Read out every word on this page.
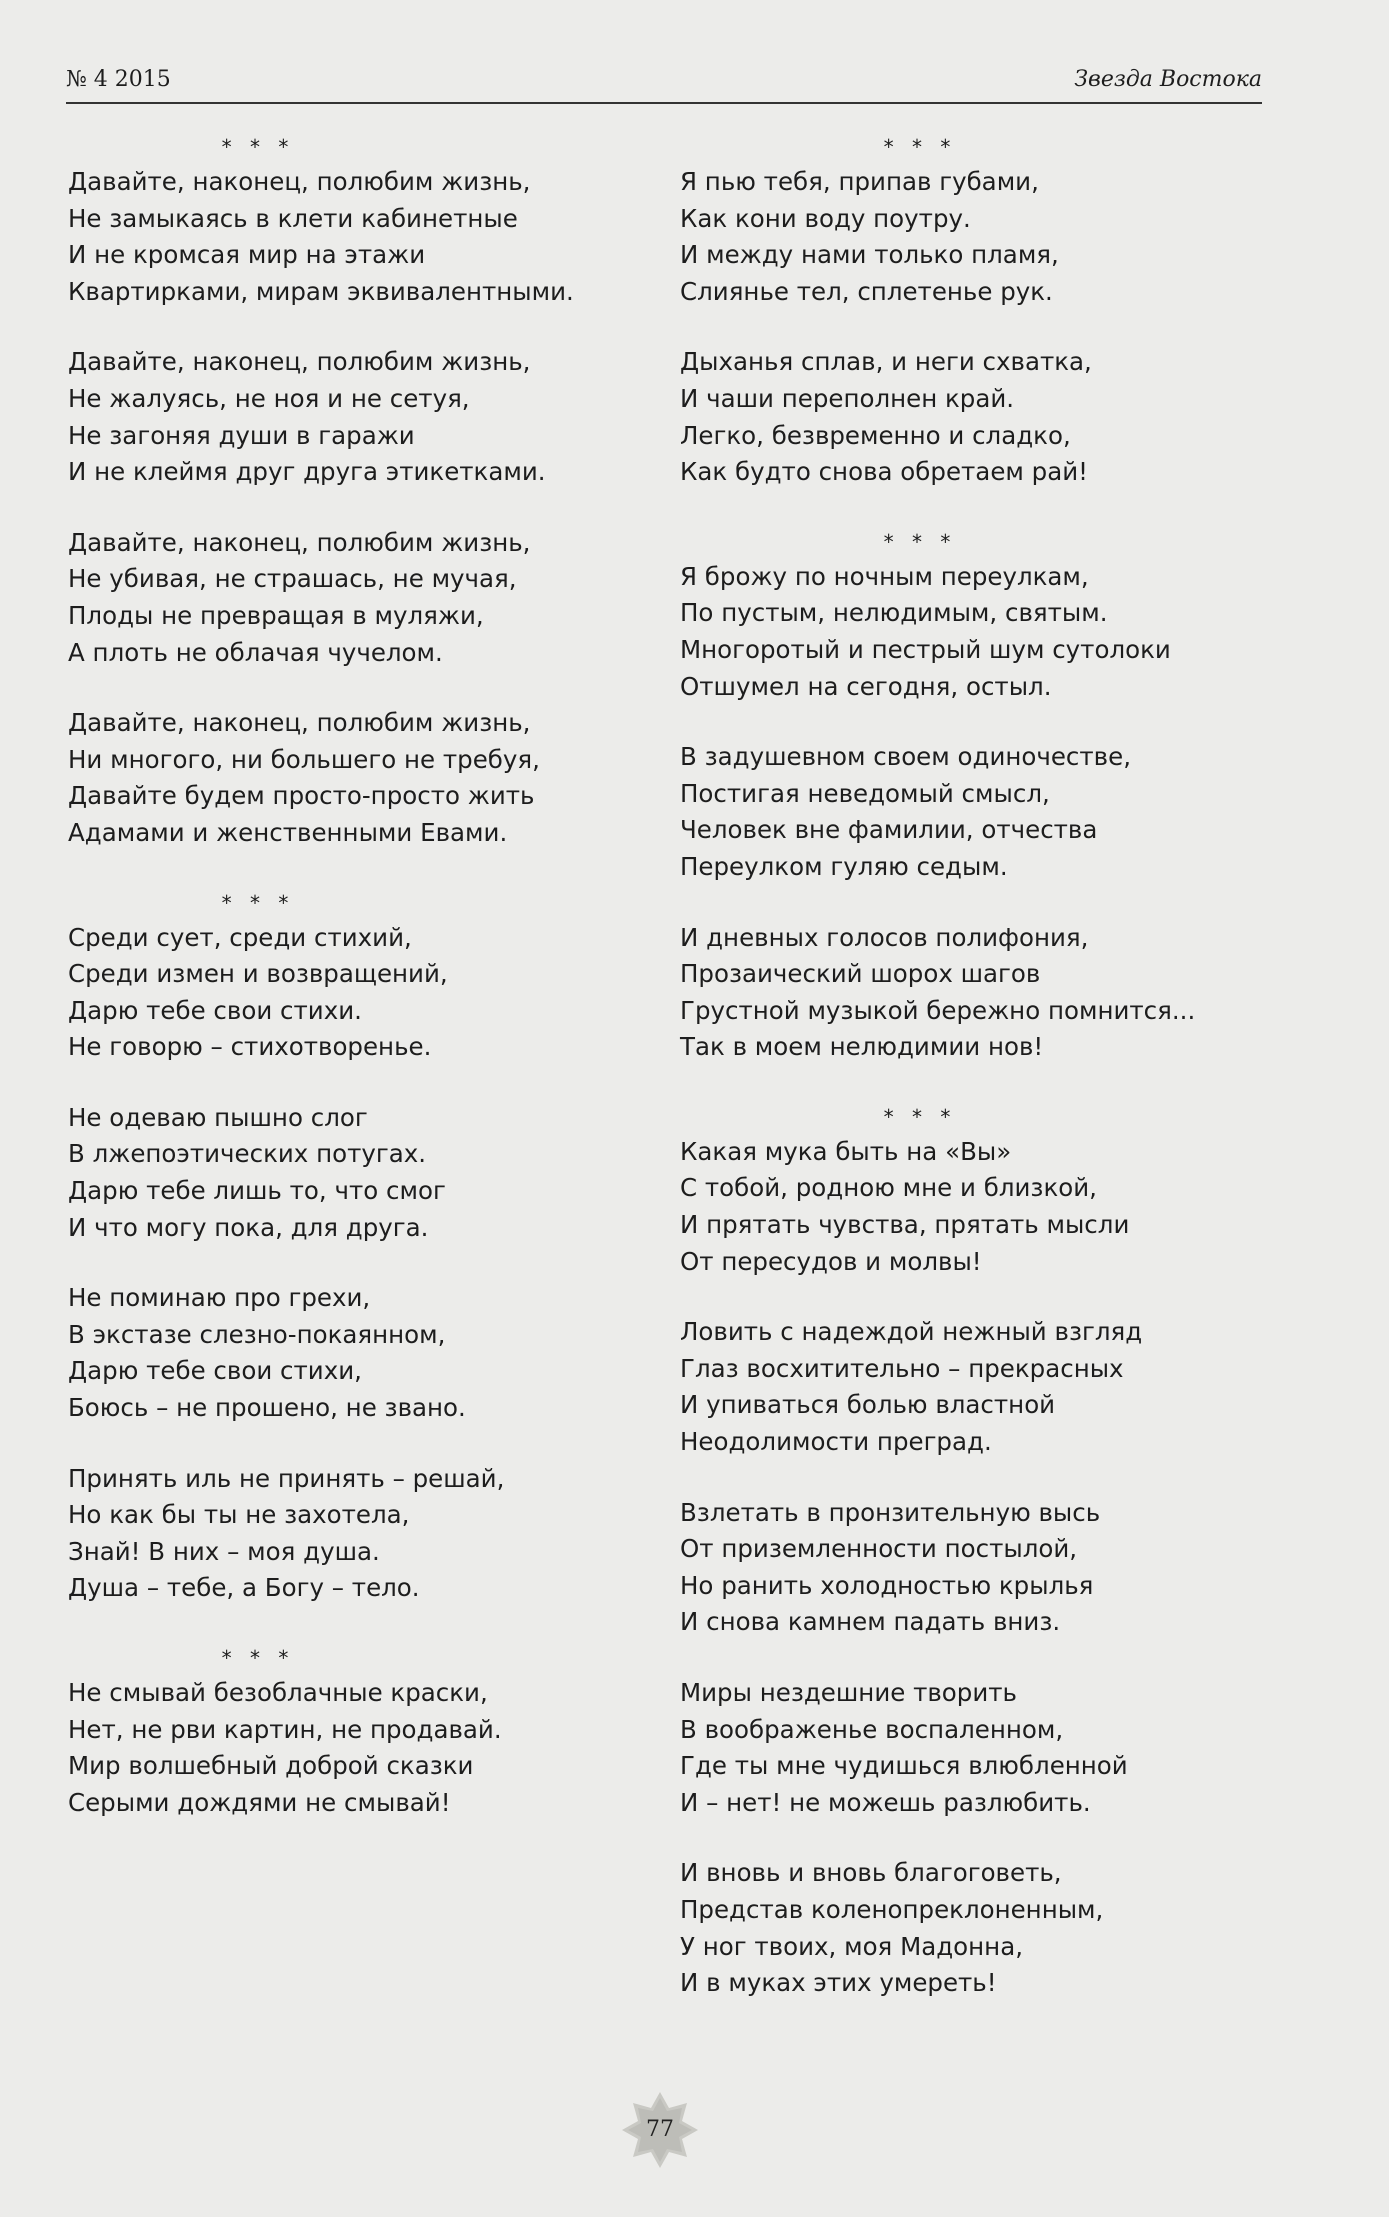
№ 4 2015	Звезда Востока
* * *
Давайте, наконец, полюбим жизнь,
Не замыкаясь в клети кабинетные
И не кромсая мир на этажи
Квартирками, мирам эквивалентными.
Давайте, наконец, полюбим жизнь,
Не жалуясь, не ноя и не сетуя,
Не загоняя души в гаражи
И не клеймя друг друга этикетками.
Давайте, наконец, полюбим жизнь,
Не убивая, не страшась, не мучая,
Плоды не превращая в муляжи,
А плоть не облачая чучелом.
Давайте, наконец, полюбим жизнь,
Ни многого, ни большего не требуя,
Давайте будем просто-просто жить
Адамами и женственными Евами.
* * *
Среди сует, среди стихий,
Среди измен и возвращений,
Дарю тебе свои стихи.
Не говорю – стихотворенье.
Не одеваю пышно слог
В лжепоэтических потугах.
Дарю тебе лишь то, что смог
И что могу пока, для друга.
Не поминаю про грехи,
В экстазе слезно-покаянном,
Дарю тебе свои стихи,
Боюсь – не прошено, не звано.
Принять иль не принять – решай,
Но как бы ты не захотела,
Знай! В них – моя душа.
Душа – тебе, а Богу – тело.
* * *
Не смывай безоблачные краски,
Нет, не рви картин, не продавай.
Мир волшебный доброй сказки
Серыми дождями не смывай!
* * *
Я пью тебя, припав губами,
Как кони воду поутру.
И между нами только пламя,
Слиянье тел, сплетенье рук.
Дыханья сплав, и неги схватка,
И чаши переполнен край.
Легко, безвременно и сладко,
Как будто снова обретаем рай!
* * *
Я брожу по ночным переулкам,
По пустым, нелюдимым, святым.
Многоротый и пестрый шум сутолоки
Отшумел на сегодня, остыл.
В задушевном своем одиночестве,
Постигая неведомый смысл,
Человек вне фамилии, отчества
Переулком гуляю седым.
И дневных голосов полифония,
Прозаический шорох шагов
Грустной музыкой бережно помнится...
Так в моем нелюдимии нов!
* * *
Какая мука быть на «Вы»
С тобой, родною мне и близкой,
И прятать чувства, прятать мысли
От пересудов и молвы!
Ловить с надеждой нежный взгляд
Глаз восхитительно – прекрасных
И упиваться болью властной
Неодолимости преград.
Взлетать в пронзительную высь
От приземленности постылой,
Но ранить холодностью крылья
И снова камнем падать вниз.
Миры нездешние творить
В воображенье воспаленном,
Где ты мне чудишься влюбленной
И – нет! не можешь разлюбить.
И вновь и вновь благоговеть,
Представ коленопреклоненным,
У ног твоих, моя Мадонна,
И в муках этих умереть!
77
